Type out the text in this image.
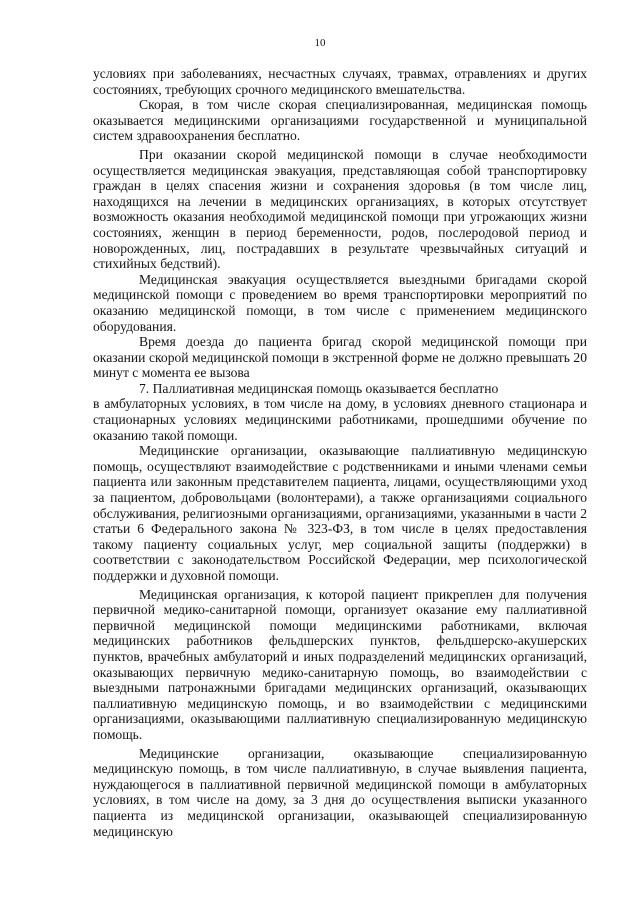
10

условиях при заболеваниях, несчастных случаях, травмах, отравлениях и других состояниях, требующих срочного медицинского вмешательства.

Скорая, в том числе скорая специализированная, медицинская помощь оказывается медицинскими организациями государственной и муниципальной систем здравоохранения бесплатно.

При оказании скорой медицинской помощи в случае необходимости осуществляется медицинская эвакуация, представляющая собой транспортировку граждан в целях спасения жизни и сохранения здоровья (в том числе лиц, находящихся на лечении в медицинских организациях, в которых отсутствует возможность оказания необходимой медицинской помощи при угрожающих жизни состояниях, женщин в период беременности, родов, послеродовой период и новорожденных, лиц, пострадавших в результате чрезвычайных ситуаций и стихийных бедствий).

Медицинская эвакуация осуществляется выездными бригадами скорой медицинской помощи с проведением во время транспортировки мероприятий по оказанию медицинской помощи, в том числе с применением медицинского оборудования.

Время доезда до пациента бригад скорой медицинской помощи при оказании скорой медицинской помощи в экстренной форме не должно превышать 20 минут с момента ее вызова

7. Паллиативная медицинская помощь оказывается бесплатно
в амбулаторных условиях, в том числе на дому, в условиях дневного стационара и стационарных условиях медицинскими работниками, прошедшими обучение по оказанию такой помощи.

Медицинские организации, оказывающие паллиативную медицинскую помощь, осуществляют взаимодействие с родственниками и иными членами семьи пациента или законным представителем пациента, лицами, осуществляющими уход за пациентом, добровольцами (волонтерами), а также организациями социального обслуживания, религиозными организациями, организациями, указанными в части 2 статьи 6 Федерального закона № 323-ФЗ, в том числе в целях предоставления такому пациенту социальных услуг, мер социальной защиты (поддержки) в соответствии с законодательством Российской Федерации, мер психологической поддержки и духовной помощи.

Медицинская организация, к которой пациент прикреплен для получения первичной медико-санитарной помощи, организует оказание ему паллиативной первичной медицинской помощи медицинскими работниками, включая медицинских работников фельдшерских пунктов, фельдшерско-акушерских пунктов, врачебных амбулаторий и иных подразделений медицинских организаций, оказывающих первичную медико-санитарную помощь, во взаимодействии с выездными патронажными бригадами медицинских организаций, оказывающих паллиативную медицинскую помощь, и во взаимодействии с медицинскими организациями, оказывающими паллиативную специализированную медицинскую помощь.

Медицинские организации, оказывающие специализированную медицинскую помощь, в том числе паллиативную, в случае выявления пациента, нуждающегося в паллиативной первичной медицинской помощи в амбулаторных условиях, в том числе на дому, за 3 дня до осуществления выписки указанного пациента из медицинской организации, оказывающей специализированную медицинскую
